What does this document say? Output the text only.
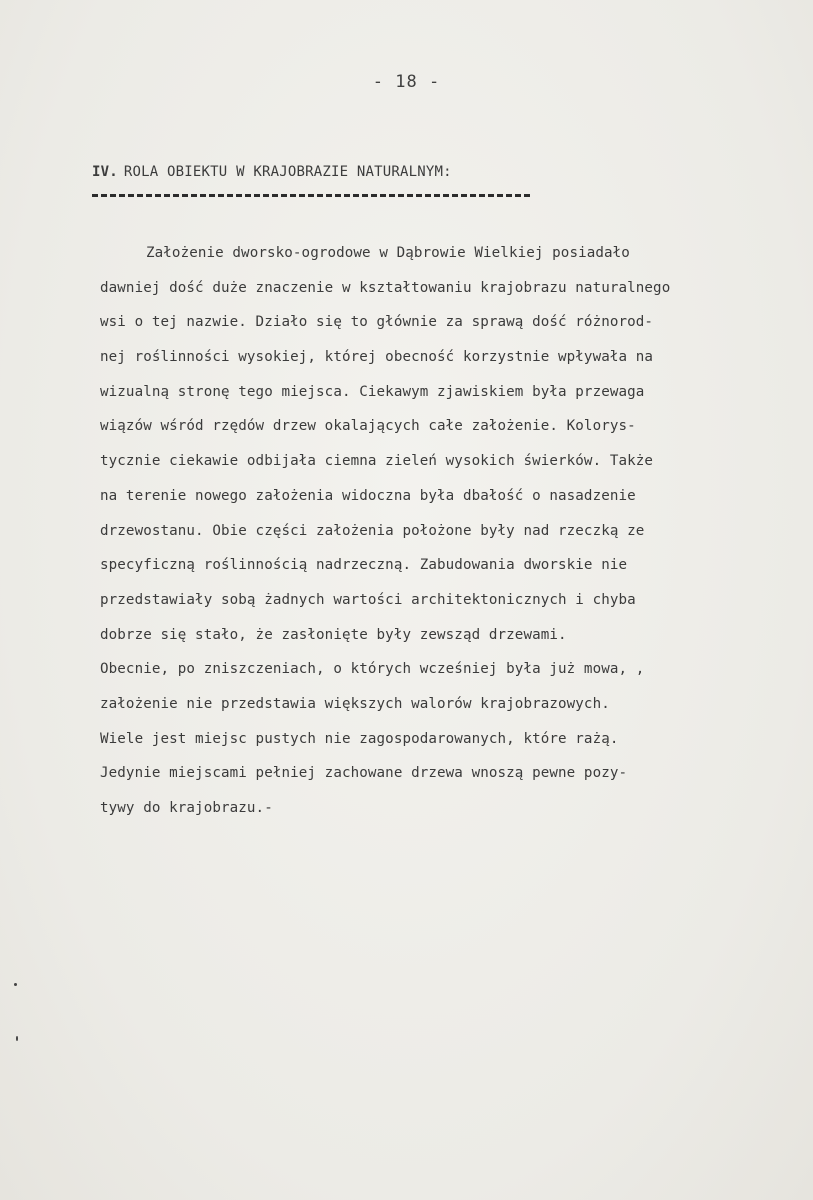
- 18 -
IV. ROLA OBIEKTU W KRAJOBRAZIE NATURALNYM:
Założenie dworsko-ogrodowe w Dąbrowie Wielkiej posiadało
dawniej dość duże znaczenie w kształtowaniu krajobrazu naturalnego
wsi o tej nazwie. Działo się to głównie za sprawą dość różnorod-
nej roślinności wysokiej, której obecność korzystnie wpływała na
wizualną stronę tego miejsca. Ciekawym zjawiskiem była przewaga
wiązów wśród rzędów drzew okalających całe założenie. Kolorys-
tycznie ciekawie odbijała ciemna zieleń wysokich świerków. Także
na terenie nowego założenia widoczna była dbałość o nasadzenie
drzewostanu. Obie części założenia położone były nad rzeczką ze
specyficzną roślinnością nadrzeczną. Zabudowania dworskie nie
przedstawiały sobą żadnych wartości architektonicznych i chyba
dobrze się stało, że zasłonięte były zewsząd drzewami.
Obecnie, po zniszczeniach, o których wcześniej była już mowa, ,
założenie nie przedstawia większych walorów krajobrazowych.
Wiele jest miejsc pustych nie zagospodarowanych, które rażą.
Jedynie miejscami pełniej zachowane drzewa wnoszą pewne pozy-
tywy do krajobrazu.-
